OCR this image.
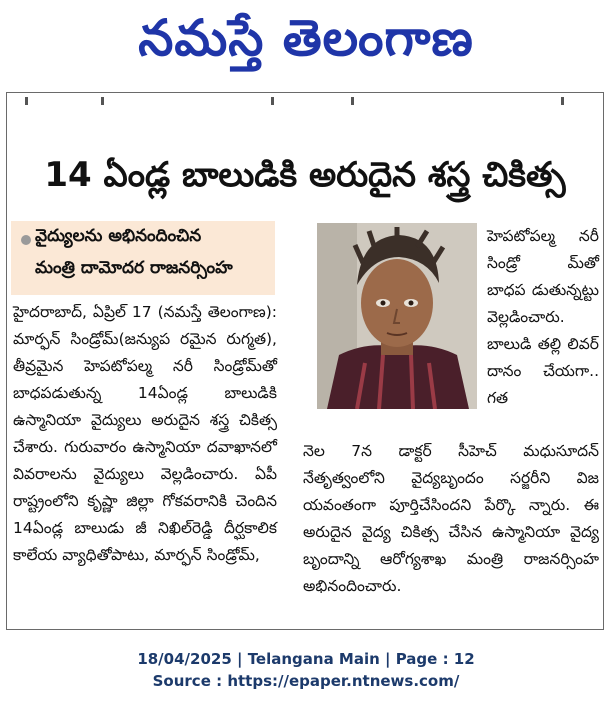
నమస్తే తెలంగాణ
14 ఏండ్ల బాలుడికి అరుదైన శస్త్ర చికిత్స
వైద్యులను అభినందించిన
మంత్రి దామోదర రాజనర్సింహ
హైదరాబాద్, ఏప్రిల్ 17 (నమస్తే తెలంగాణ): మార్ఫన్ సిండ్రోమ్(జన్యుప రమైన రుగ్మత), తీవ్రమైన హెపటోపల్మ నరీ సిండ్రోమ్‌తో బాధపడుతున్న 14ఏండ్ల బాలుడికి ఉస్మానియా వైద్యులు అరుదైన శస్త్ర చికిత్స చేశారు. గురువారం ఉస్మానియా దవాఖానలో వివరాలను వైద్యులు వెల్లడించారు. ఏపీ రాష్ట్రంలోని కృష్ణా జిల్లా గోకవరానికి చెందిన 14ఏండ్ల బాలుడు జీ నిఖిల్‌రెడ్డి దీర్ఘకాలిక కాలేయ వ్యాధితోపాటు, మార్ఫన్ సిండ్రోమ్,
హెపటోపల్మ నరీ సిండ్రో మ్‌తో బాధప డుతున్నట్టు వెల్లడించారు. బాలుడి తల్లి లివర్ దానం చేయగా.. గత
నెల 7న డాక్టర్ సీహెచ్ మధుసూదన్ నేతృత్వంలోని వైద్యబృందం సర్జరీని విజ యవంతంగా పూర్తిచేసిందని పేర్కొ న్నారు. ఈ అరుదైన వైద్య చికిత్స చేసిన ఉస్మానియా వైద్య బృందాన్ని ఆరోగ్యశాఖ మంత్రి రాజనర్సింహ అభినందించారు.
18/04/2025 | Telangana Main | Page : 12
Source : https://epaper.ntnews.com/
